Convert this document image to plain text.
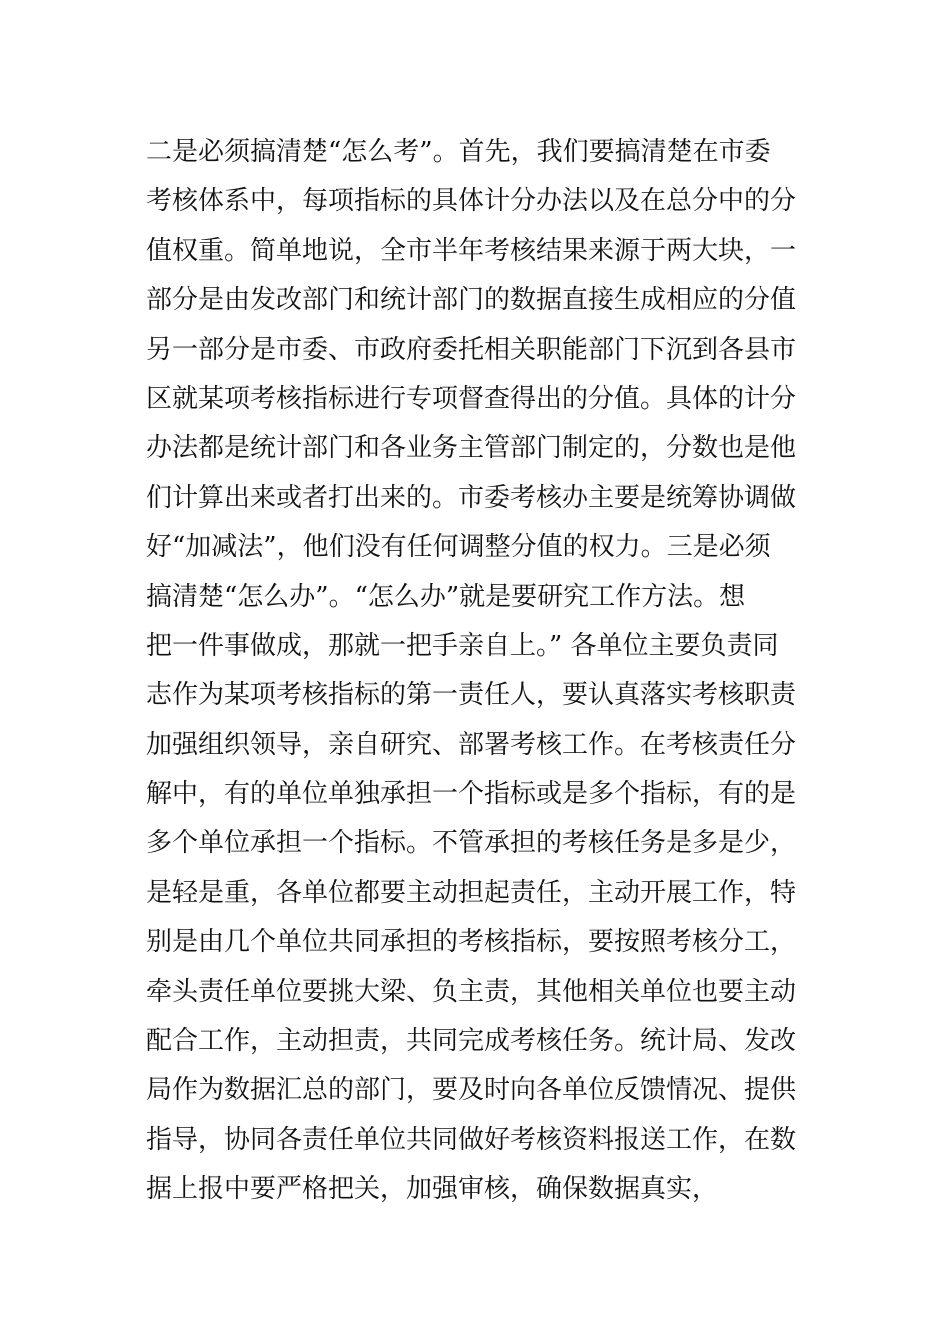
二是必须搞清楚“怎么考”。首先，我们要搞清楚在市委
考核体系中，每项指标的具体计分办法以及在总分中的分
值权重。简单地说，全市半年考核结果来源于两大块，一
部分是由发改部门和统计部门的数据直接生成相应的分值
另一部分是市委、市政府委托相关职能部门下沉到各县市
区就某项考核指标进行专项督查得出的分值。具体的计分
办法都是统计部门和各业务主管部门制定的，分数也是他
们计算出来或者打出来的。市委考核办主要是统筹协调做
好“加减法”，他们没有任何调整分值的权力。三是必须
搞清楚“怎么办”。“怎么办”就是要研究工作方法。想
把一件事做成，那就一把手亲自上。” 各单位主要负责同
志作为某项考核指标的第一责任人，要认真落实考核职责
加强组织领导，亲自研究、部署考核工作。在考核责任分
解中，有的单位单独承担一个指标或是多个指标，有的是
多个单位承担一个指标。不管承担的考核任务是多是少，
是轻是重，各单位都要主动担起责任，主动开展工作，特
别是由几个单位共同承担的考核指标，要按照考核分工，
牵头责任单位要挑大梁、负主责，其他相关单位也要主动
配合工作，主动担责，共同完成考核任务。统计局、发改
局作为数据汇总的部门，要及时向各单位反馈情况、提供
指导，协同各责任单位共同做好考核资料报送工作，在数
据上报中要严格把关，加强审核，确保数据真实，
